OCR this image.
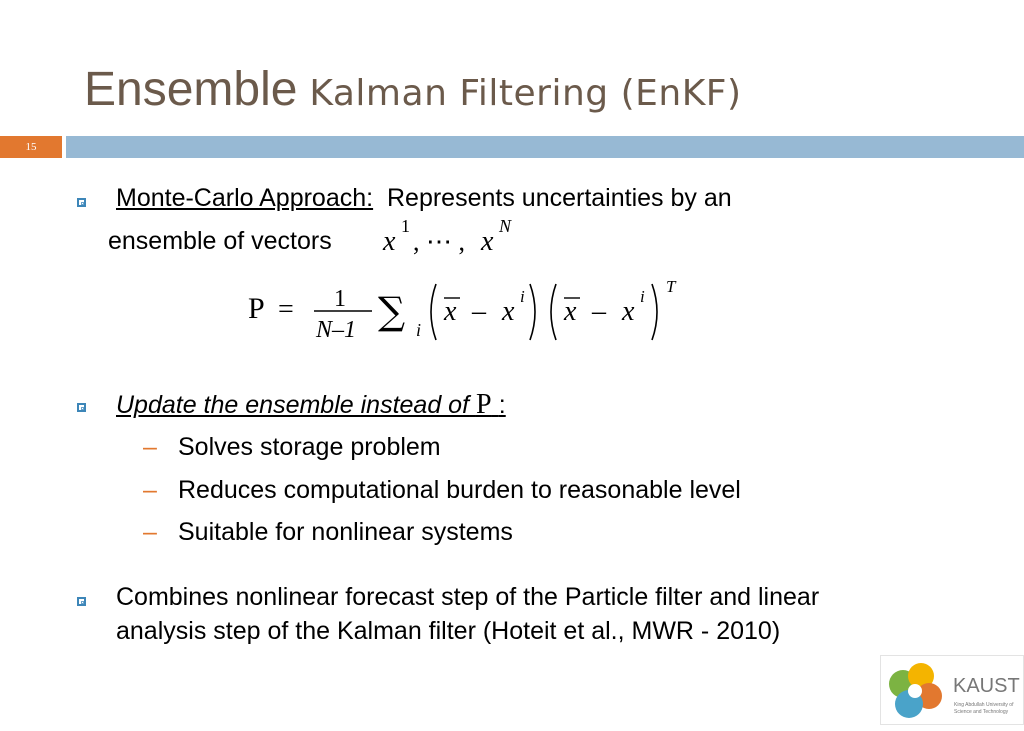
Ensemble Kalman Filtering (EnKF)
15
Monte-Carlo Approach: Represents uncertainties by an
ensemble of vectors x 1
, ⋯ , x N
P = 1
N–1 ∑ i
x – x i x – x i
T
Update the ensemble instead of P :
– Solves storage problem
– Reduces computational burden to reasonable level
– Suitable for nonlinear systems
Combines nonlinear forecast step of the Particle filter and linear
analysis step of the Kalman filter (Hoteit et al., MWR - 2010)
KAUST
King Abdullah University of
Science and Technology
